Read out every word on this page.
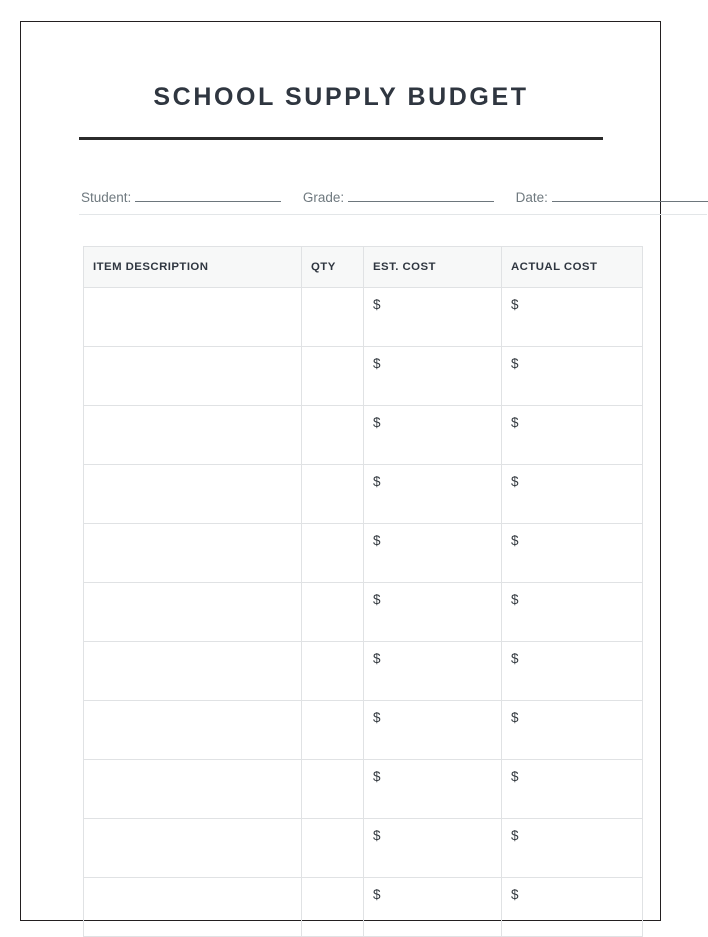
SCHOOL SUPPLY BUDGET
Student:	Grade:	Date:
ITEM DESCRIPTION	QTY	EST. COST	ACTUAL COST
		$	$
		$	$
		$	$
		$	$
		$	$
		$	$
		$	$
		$	$
		$	$
		$	$
		$	$
